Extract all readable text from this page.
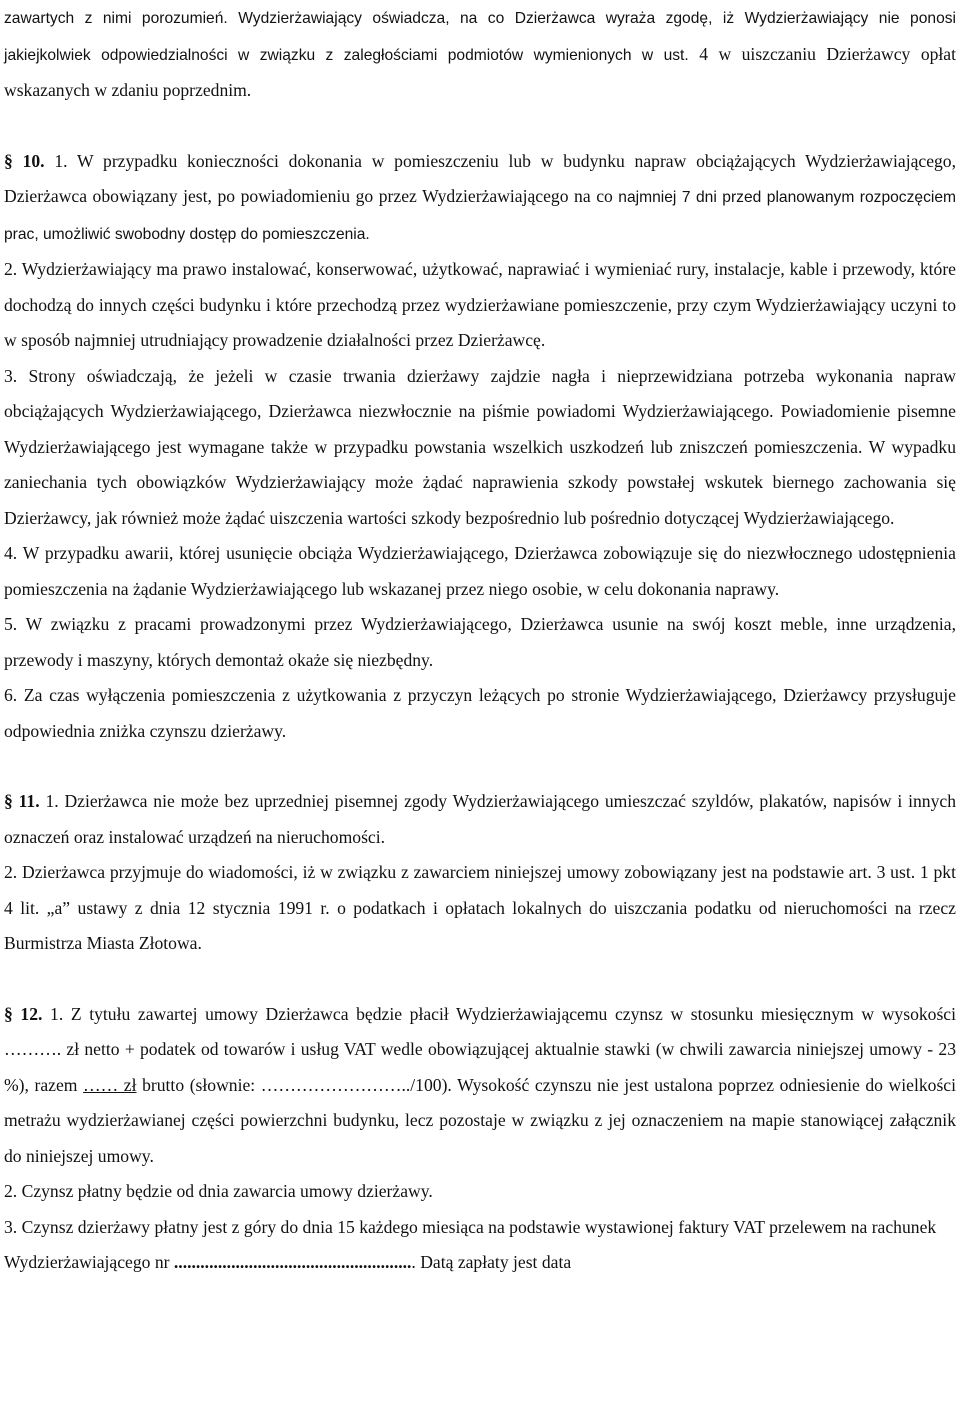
zawartych z nimi porozumień. Wydzierżawiający oświadcza, na co Dzierżawca wyraża zgodę, iż Wydzierżawiający nie ponosi jakiejkolwiek odpowiedzialności w związku z zaległościami podmiotów wymienionych w ust. 4 w uiszczaniu Dzierżawcy opłat wskazanych w zdaniu poprzednim.

§ 10. 1. W przypadku konieczności dokonania w pomieszczeniu lub w budynku napraw obciążających Wydzierżawiającego, Dzierżawca obowiązany jest, po powiadomieniu go przez Wydzierżawiającego na co najmniej 7 dni przed planowanym rozpoczęciem prac, umożliwić swobodny dostęp do pomieszczenia.

2. Wydzierżawiający ma prawo instalować, konserwować, użytkować, naprawiać i wymieniać rury, instalacje, kable i przewody, które dochodzą do innych części budynku i które przechodzą przez wydzierżawiane pomieszczenie, przy czym Wydzierżawiający uczyni to w sposób najmniej utrudniający prowadzenie działalności przez Dzierżawcę.

3. Strony oświadczają, że jeżeli w czasie trwania dzierżawy zajdzie nagła i nieprzewidziana potrzeba wykonania napraw obciążających Wydzierżawiającego, Dzierżawca niezwłocznie na piśmie powiadomi Wydzierżawiającego. Powiadomienie pisemne Wydzierżawiającego jest wymagane także w przypadku powstania wszelkich uszkodzeń lub zniszczeń pomieszczenia. W wypadku zaniechania tych obowiązków Wydzierżawiający może żądać naprawienia szkody powstałej wskutek biernego zachowania się Dzierżawcy, jak również może żądać uiszczenia wartości szkody bezpośrednio lub pośrednio dotyczącej Wydzierżawiającego.

4. W przypadku awarii, której usunięcie obciąża Wydzierżawiającego, Dzierżawca zobowiązuje się do niezwłocznego udostępnienia pomieszczenia na żądanie Wydzierżawiającego lub wskazanej przez niego osobie, w celu dokonania naprawy.

5. W związku z pracami prowadzonymi przez Wydzierżawiającego, Dzierżawca usunie na swój koszt meble, inne urządzenia, przewody i maszyny, których demontaż okaże się niezbędny.

6. Za czas wyłączenia pomieszczenia z użytkowania z przyczyn leżących po stronie Wydzierżawiającego, Dzierżawcy przysługuje odpowiednia zniżka czynszu dzierżawy.

§ 11. 1. Dzierżawca nie może bez uprzedniej pisemnej zgody Wydzierżawiającego umieszczać szyldów, plakatów, napisów i innych oznaczeń oraz instalować urządzeń na nieruchomości.

2. Dzierżawca przyjmuje do wiadomości, iż w związku z zawarciem niniejszej umowy zobowiązany jest na podstawie art. 3 ust. 1 pkt 4 lit. „a” ustawy z dnia 12 stycznia 1991 r. o podatkach i opłatach lokalnych do uiszczania podatku od nieruchomości na rzecz Burmistrza Miasta Złotowa.

§ 12. 1. Z tytułu zawartej umowy Dzierżawca będzie płacił Wydzierżawiającemu czynsz w stosunku miesięcznym w wysokości ………. zł netto + podatek od towarów i usług VAT wedle obowiązującej aktualnie stawki (w chwili zawarcia niniejszej umowy - 23 %), razem …… zł brutto (słownie: ……………………../100). Wysokość czynszu nie jest ustalona poprzez odniesienie do wielkości metrażu wydzierżawianej części powierzchni budynku, lecz pozostaje w związku z jej oznaczeniem na mapie stanowiącej załącznik do niniejszej umowy.

2. Czynsz płatny będzie od dnia zawarcia umowy dzierżawy.

3. Czynsz dzierżawy płatny jest z góry do dnia 15 każdego miesiąca na podstawie wystawionej faktury VAT przelewem na rachunek Wydzierżawiającego nr ....................................................... Datą zapłaty jest data
